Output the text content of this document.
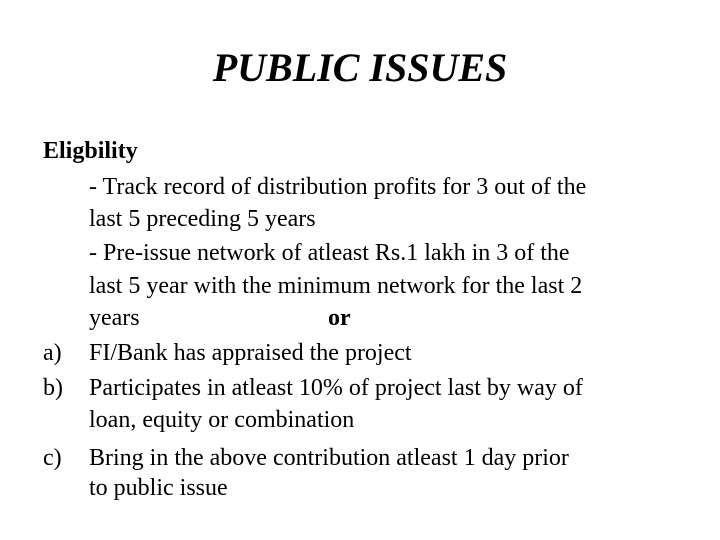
PUBLIC ISSUES
Eligbility
- Track record of distribution profits for 3 out of the
last 5 preceding 5 years
- Pre-issue network of atleast Rs.1 lakh in 3 of the
last 5 year with the minimum network for the last 2
years	or
a) FI/Bank has appraised the project
b) Participates in atleast 10% of project last by way of
loan, equity or combination
c) Bring in the above contribution atleast 1 day prior
to public issue
